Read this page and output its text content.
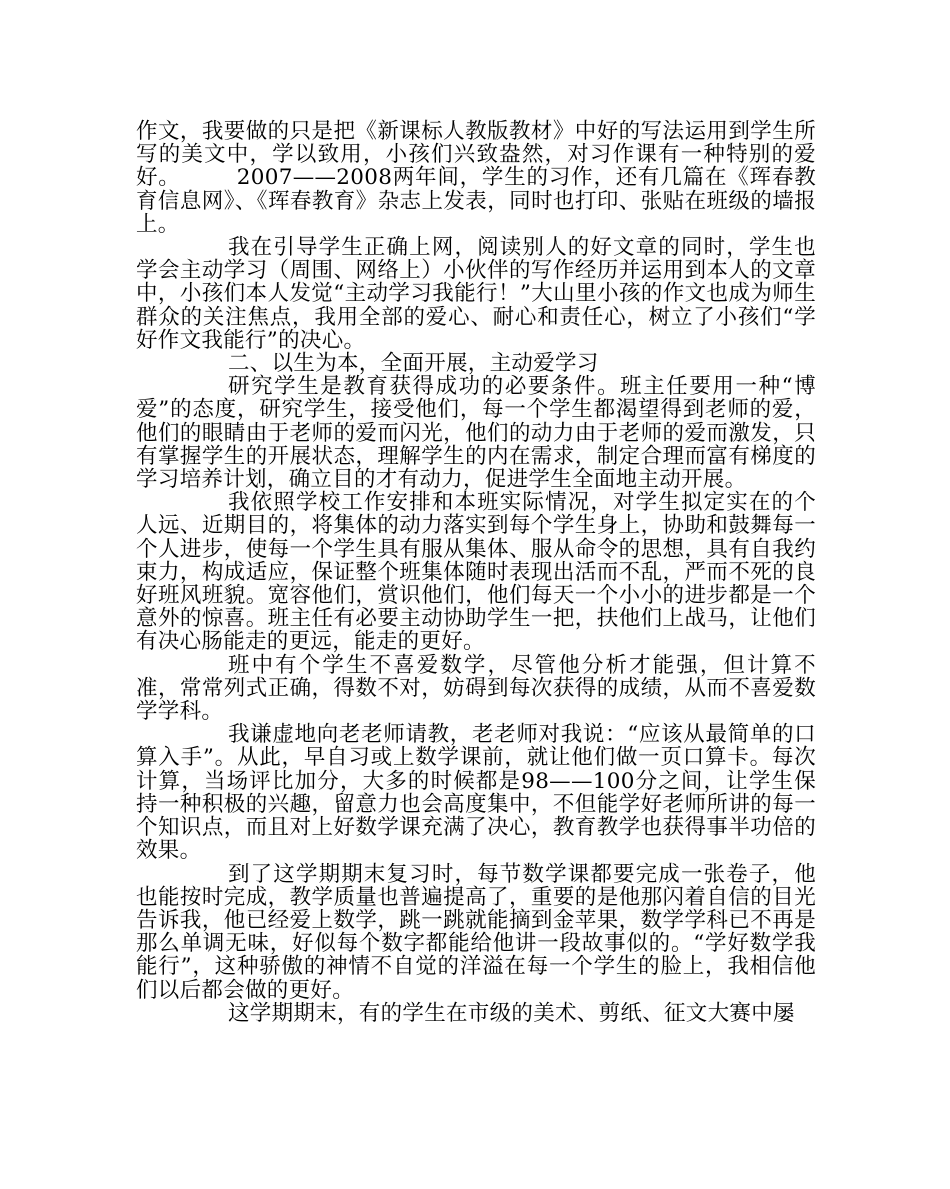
作文，我要做的只是把《新课标人教版教材》中好的写法运用到学生所写的美文中，学以致用，小孩们兴致盎然，对习作课有一种特别的爱好。　　　2007——2008两年间，学生的习作，还有几篇在《珲春教育信息网》、《珲春教育》杂志上发表，同时也打印、张贴在班级的墙报上。

我在引导学生正确上网，阅读别人的好文章的同时，学生也学会主动学习（周围、网络上）小伙伴的写作经历并运用到本人的文章中，小孩们本人发觉“主动学习我能行！”大山里小孩的作文也成为师生群众的关注焦点，我用全部的爱心、耐心和责任心，树立了小孩们“学好作文我能行”的决心。

二、以生为本，全面开展，主动爱学习

研究学生是教育获得成功的必要条件。班主任要用一种“博爱”的态度，研究学生，接受他们，每一个学生都渴望得到老师的爱，他们的眼睛由于老师的爱而闪光，他们的动力由于老师的爱而激发，只有掌握学生的开展状态，理解学生的内在需求，制定合理而富有梯度的学习培养计划，确立目的才有动力，促进学生全面地主动开展。

我依照学校工作安排和本班实际情况，对学生拟定实在的个人远、近期目的，将集体的动力落实到每个学生身上，协助和鼓舞每一个人进步，使每一个学生具有服从集体、服从命令的思想，具有自我约束力，构成适应，保证整个班集体随时表现出活而不乱，严而不死的良好班风班貌。宽容他们，赏识他们，他们每天一个小小的进步都是一个意外的惊喜。班主任有必要主动协助学生一把，扶他们上战马，让他们有决心肠能走的更远，能走的更好。

班中有个学生不喜爱数学，尽管他分析才能强，但计算不准，常常列式正确，得数不对，妨碍到每次获得的成绩，从而不喜爱数学学科。

我谦虚地向老老师请教，老老师对我说：“应该从最简单的口算入手”。从此，早自习或上数学课前，就让他们做一页口算卡。每次计算，当场评比加分，大多的时候都是98——100分之间，让学生保持一种积极的兴趣，留意力也会高度集中，不但能学好老师所讲的每一个知识点，而且对上好数学课充满了决心，教育教学也获得事半功倍的效果。

到了这学期期末复习时，每节数学课都要完成一张卷子，他也能按时完成，教学质量也普遍提高了，重要的是他那闪着自信的目光告诉我，他已经爱上数学，跳一跳就能摘到金苹果，数学学科已不再是那么单调无味，好似每个数字都能给他讲一段故事似的。“学好数学我能行”，这种骄傲的神情不自觉的洋溢在每一个学生的脸上，我相信他们以后都会做的更好。

这学期期末，有的学生在市级的美术、剪纸、征文大赛中屡
